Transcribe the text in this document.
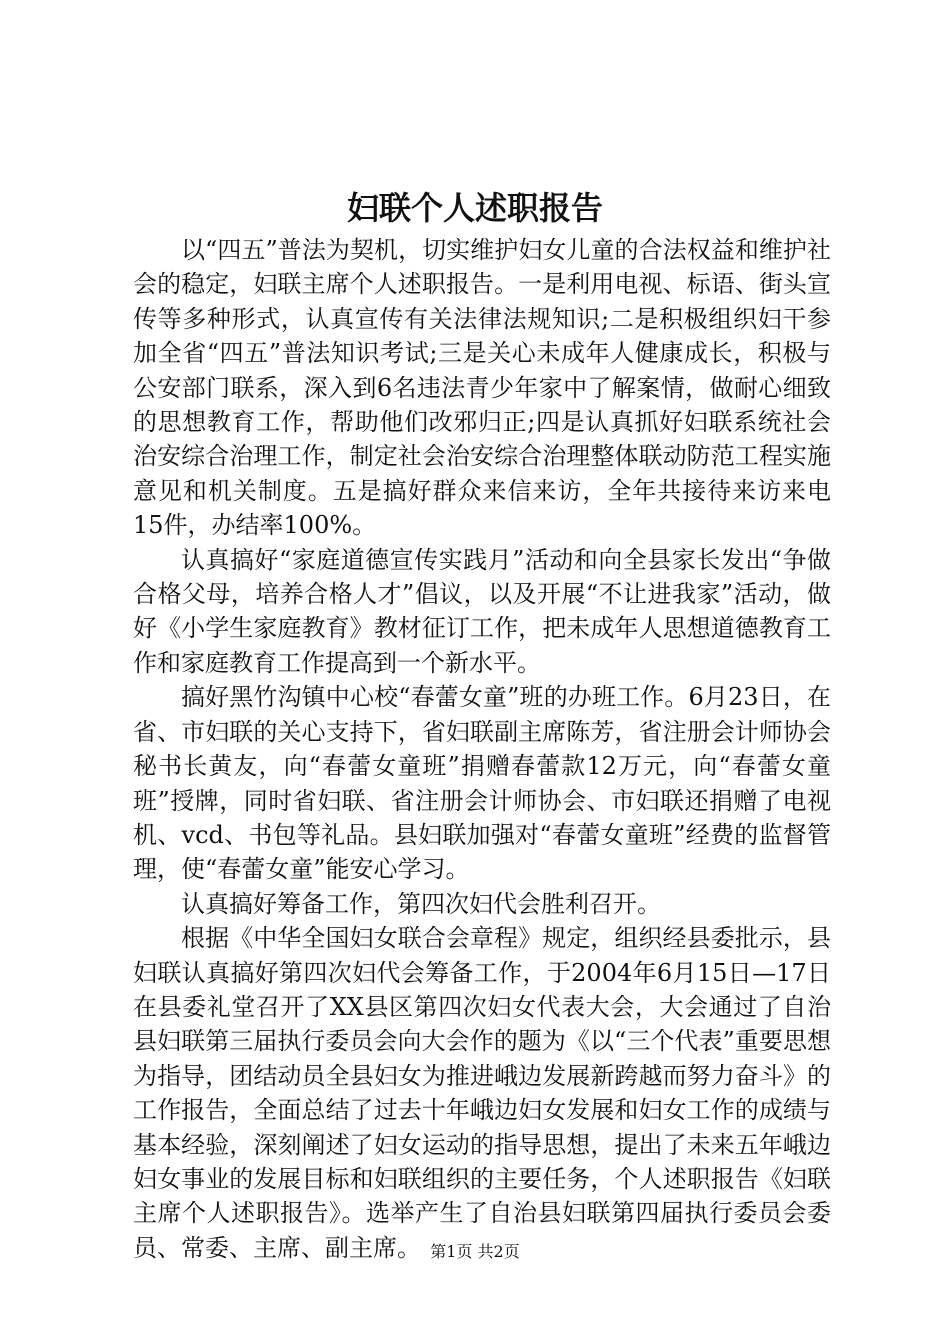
妇联个人述职报告

以“四五”普法为契机，切实维护妇女儿童的合法权益和维护社会的稳定，妇联主席个人述职报告。一是利用电视、标语、街头宣传等多种形式，认真宣传有关法律法规知识;二是积极组织妇干参加全省“四五”普法知识考试;三是关心未成年人健康成长，积极与公安部门联系，深入到6名违法青少年家中了解案情，做耐心细致的思想教育工作，帮助他们改邪归正;四是认真抓好妇联系统社会治安综合治理工作，制定社会治安综合治理整体联动防范工程实施意见和机关制度。五是搞好群众来信来访，全年共接待来访来电15件，办结率100%。

认真搞好“家庭道德宣传实践月”活动和向全县家长发出“争做合格父母，培养合格人才”倡议，以及开展“不让进我家”活动，做好《小学生家庭教育》教材征订工作，把未成年人思想道德教育工作和家庭教育工作提高到一个新水平。

搞好黑竹沟镇中心校“春蕾女童”班的办班工作。6月23日，在省、市妇联的关心支持下，省妇联副主席陈芳，省注册会计师协会秘书长黄友，向“春蕾女童班”捐赠春蕾款12万元，向“春蕾女童班”授牌，同时省妇联、省注册会计师协会、市妇联还捐赠了电视机、vcd、书包等礼品。县妇联加强对“春蕾女童班”经费的监督管理，使“春蕾女童”能安心学习。

认真搞好筹备工作，第四次妇代会胜利召开。

根据《中华全国妇女联合会章程》规定，组织经县委批示，县妇联认真搞好第四次妇代会筹备工作，于2004年6月15日—17日在县委礼堂召开了XX县区第四次妇女代表大会，大会通过了自治县妇联第三届执行委员会向大会作的题为《以“三个代表”重要思想为指导，团结动员全县妇女为推进峨边发展新跨越而努力奋斗》的工作报告，全面总结了过去十年峨边妇女发展和妇女工作的成绩与基本经验，深刻阐述了妇女运动的指导思想，提出了未来五年峨边妇女事业的发展目标和妇联组织的主要任务，个人述职报告《妇联主席个人述职报告》。选举产生了自治县妇联第四届执行委员会委员、常委、主席、副主席。 第1页 共2页
